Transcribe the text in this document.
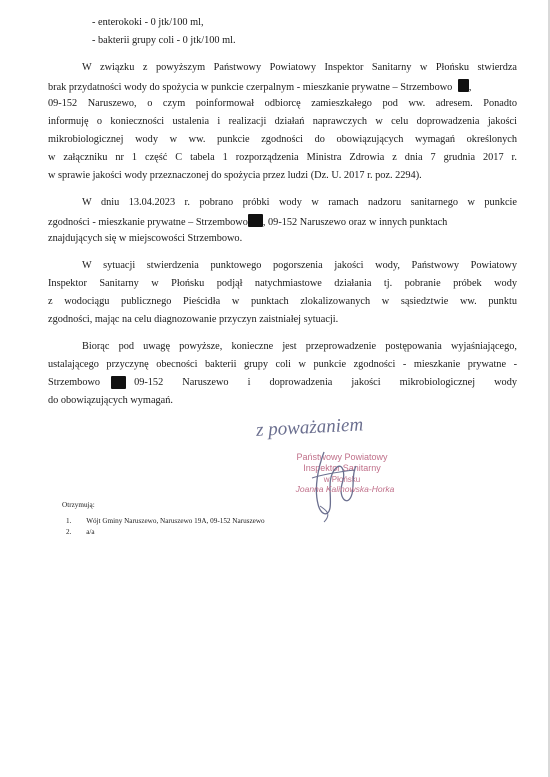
- enterokoki - 0 jtk/100 ml,
- bakterii grupy coli - 0 jtk/100 ml.
W związku z powyższym Państwowy Powiatowy Inspektor Sanitarny w Płońsku stwierdza
brak przydatności wody do spożycia w punkcie czerpalnym - mieszkanie prywatne – Strzembowo ,
09-152 Naruszewo, o czym poinformował odbiorcę zamieszkałego pod ww. adresem. Ponadto
informuję o konieczności ustalenia i realizacji działań naprawczych w celu doprowadzenia jakości
mikrobiologicznej wody w ww. punkcie zgodności do obowiązujących wymagań określonych
w załączniku nr 1 część C tabela 1 rozporządzenia Ministra Zdrowia z dnia 7 grudnia 2017 r.
w sprawie jakości wody przeznaczonej do spożycia przez ludzi (Dz. U. 2017 r. poz. 2294).
W dniu 13.04.2023 r. pobrano próbki wody w ramach nadzoru sanitarnego w punkcie
zgodności - mieszkanie prywatne – Strzembowo , 09-152 Naruszewo oraz w innych punktach
znajdujących się w miejscowości Strzembowo.
W sytuacji stwierdzenia punktowego pogorszenia jakości wody, Państwowy Powiatowy
Inspektor Sanitarny w Płońsku podjął natychmiastowe działania tj. pobranie próbek wody
z wodociągu publicznego Pieścidła w punktach zlokalizowanych w sąsiedztwie ww. punktu
zgodności, mając na celu diagnozowanie przyczyn zaistniałej sytuacji.
Biorąc pod uwagę powyższe, konieczne jest przeprowadzenie postępowania wyjaśniającego,
ustalającego przyczynę obecności bakterii grupy coli w punkcie zgodności - mieszkanie prywatne -
Strzembowo	09-152 Naruszewo i doprowadzenia jakości mikrobiologicznej wody
do obowiązujących wymagań.
z poważaniem
Państwowy Powiatowy
Inspektor Sanitarny
w Płońsku
Joanna Kalinowska-Horka
Otrzymują:
1. Wójt Gminy Naruszewo, Naruszewo 19A, 09-152 Naruszewo
2. a/a
